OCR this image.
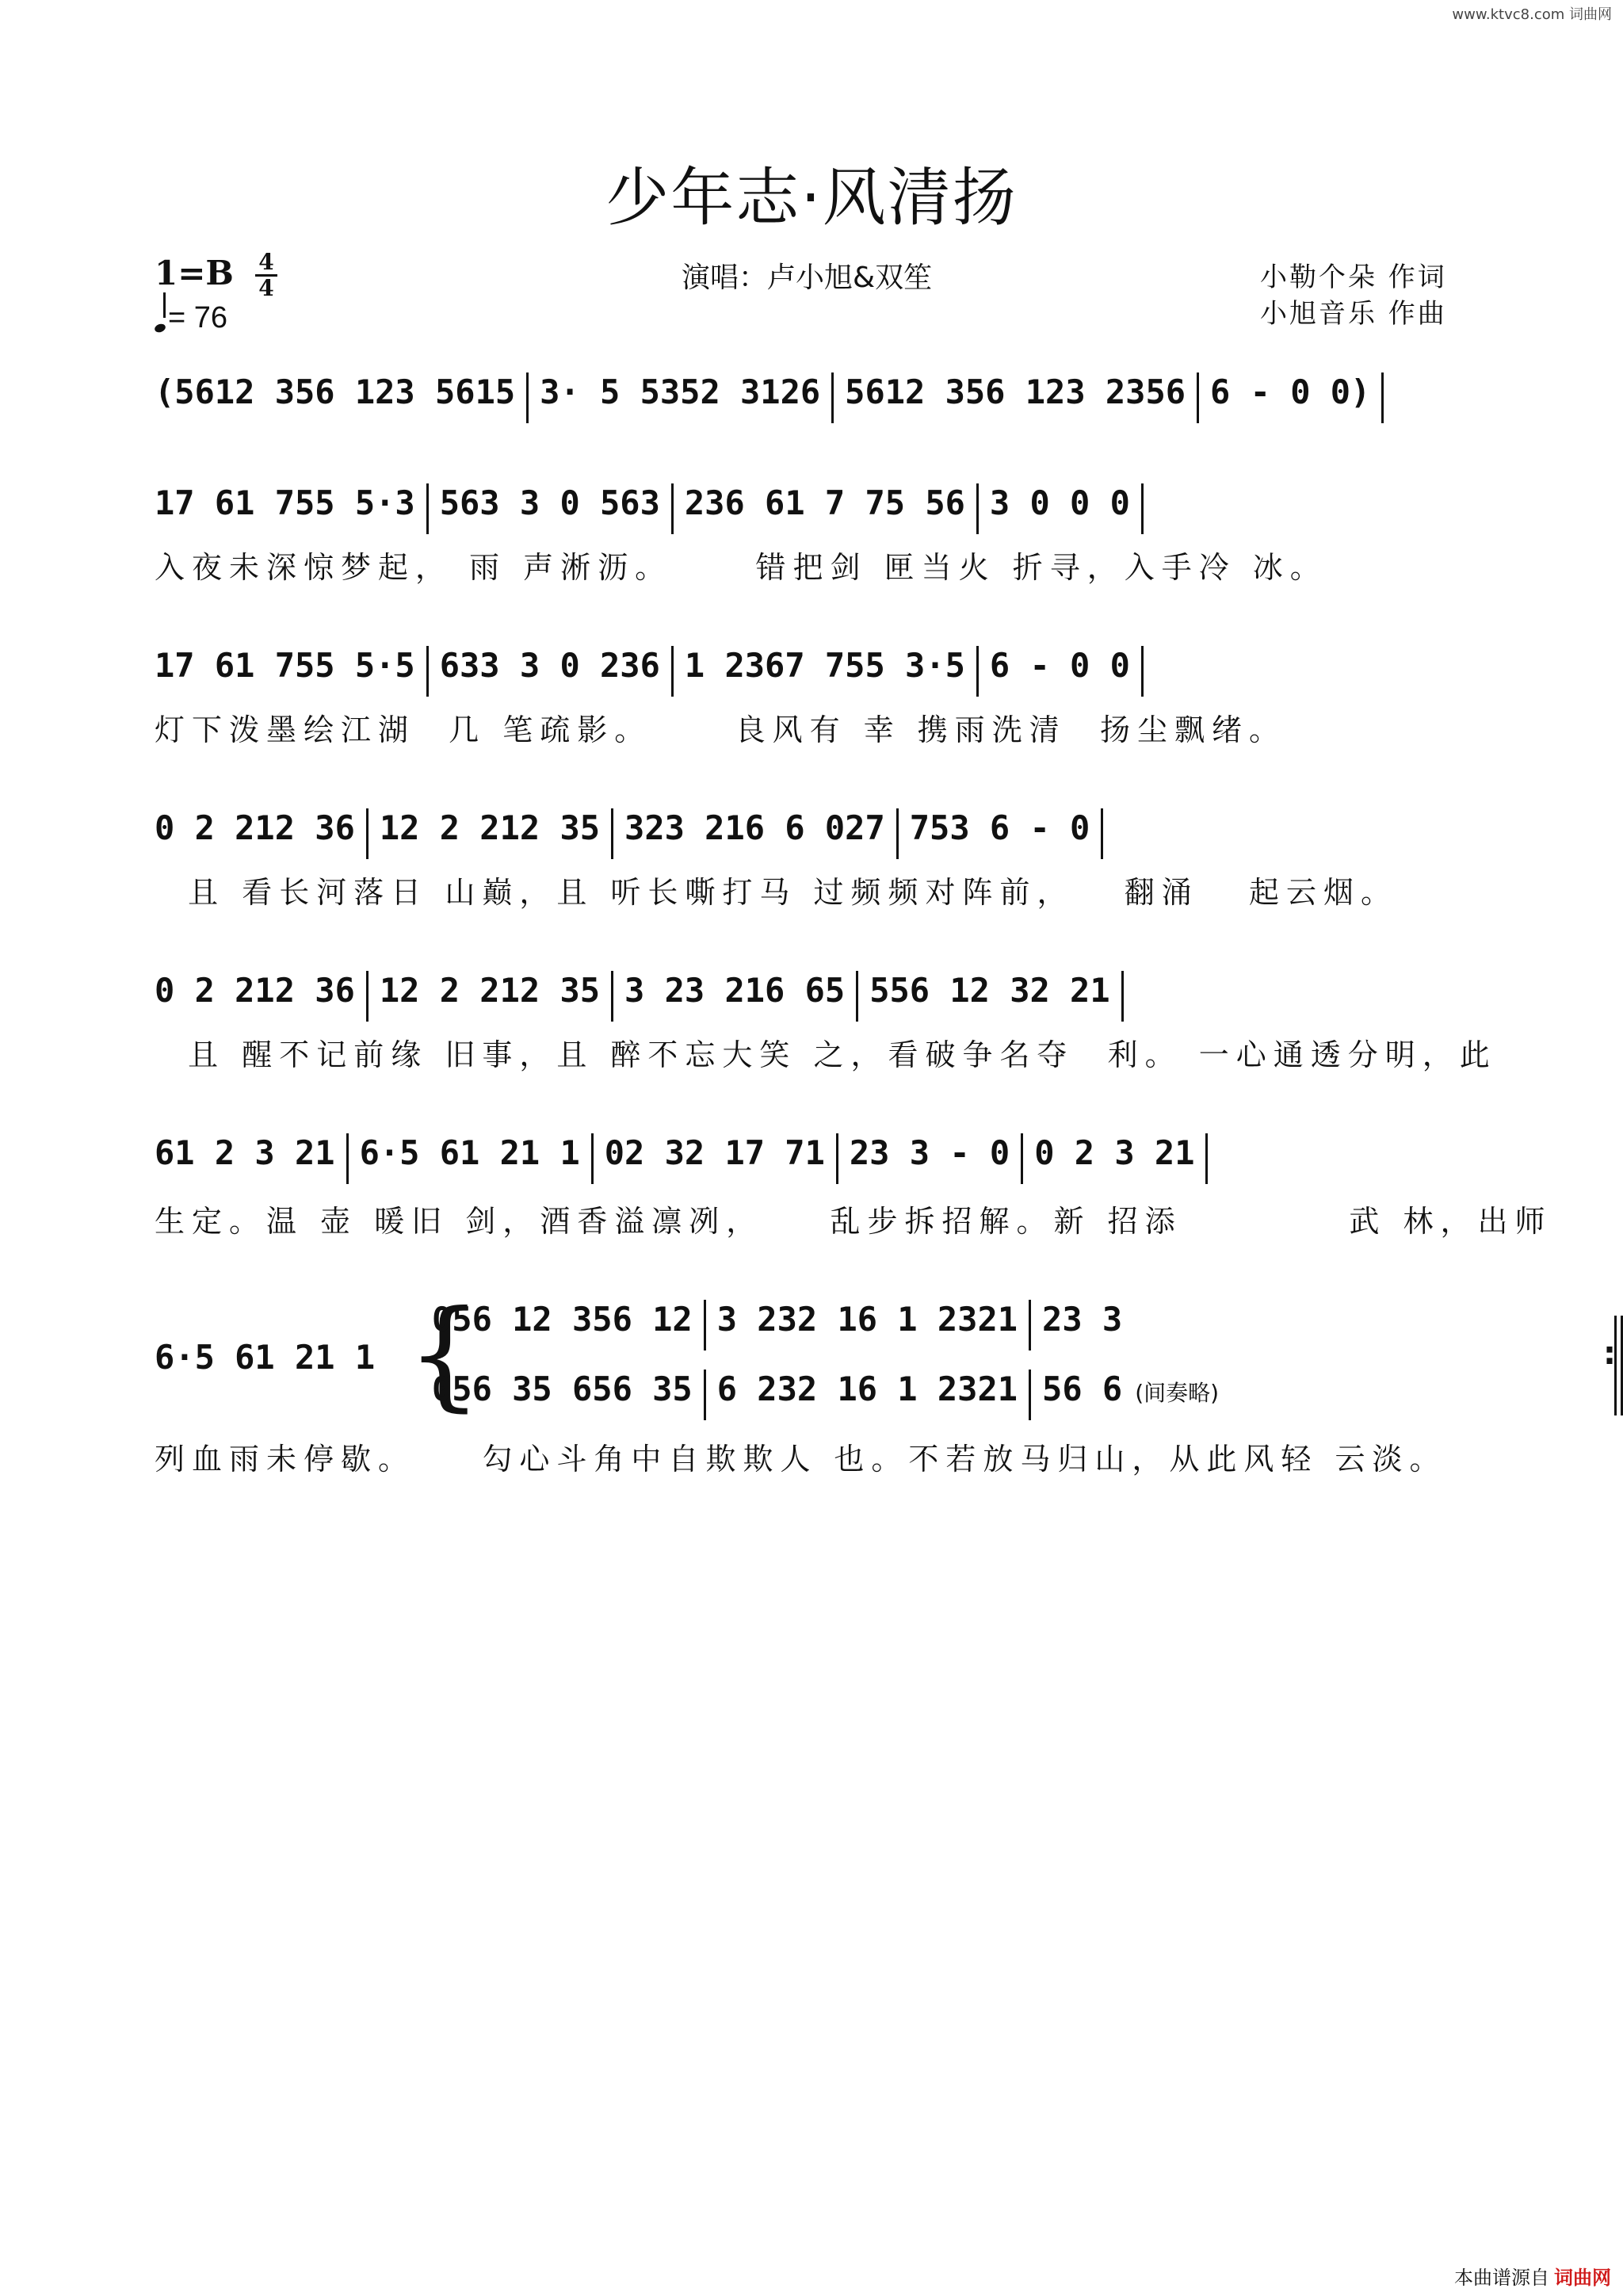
www.ktvc8.com 词曲网
少年志·风清扬
1=B 4
4
= 76
演唱：卢小旭&双笙	小勒个朵 作词
小旭音乐 作曲
(5612 356 123 5615 3· 5 5352 3126 5612 356 123 2356 6 - 0 0)
17 61 755 5·3 563 3 0 563 236 61 7 75 56 3 0 0 0
入夜未深惊梦起， 雨 声淅沥。     错把剑 匣当火 折寻，入手冷 冰。
17 61 755 5·5 633 3 0 236 1 2367 755 3·5 6 - 0 0
灯下泼墨绘江湖  几 笔疏影。     良风有 幸 携雨洗清  扬尘飘绪。
0 2 212 36 12 2 212 35 323 216 6 027 753 6 - 0
且 看长河落日 山巅，且 听长嘶打马 过频频对阵前，   翻涌   起云烟。
0 2 212 36 12 2 212 35 3 23 216 65 556 12 32 21
且 醒不记前缘 旧事，且 醉不忘大笑 之，看破争名夺  利。 一心通透分明，此
61 2 3 21 6·5 61 21 1 02 32 17 71 23 3 - 0 0 2 3 21
生定。温 壶 暖旧 剑，酒香溢凛冽，    乱步拆招解。新 招添          武 林，出师
6·5 61 21 1 {
056 12 356 12 3 232 16 1 2321 23 3
056 35 656 35 6 232 16 1 2321 56 6 (间奏略)
:
列血雨未停歇。    勾心斗角中自欺欺人 也。不若放马归山，从此风轻 云淡。
本曲谱源自 词曲网
